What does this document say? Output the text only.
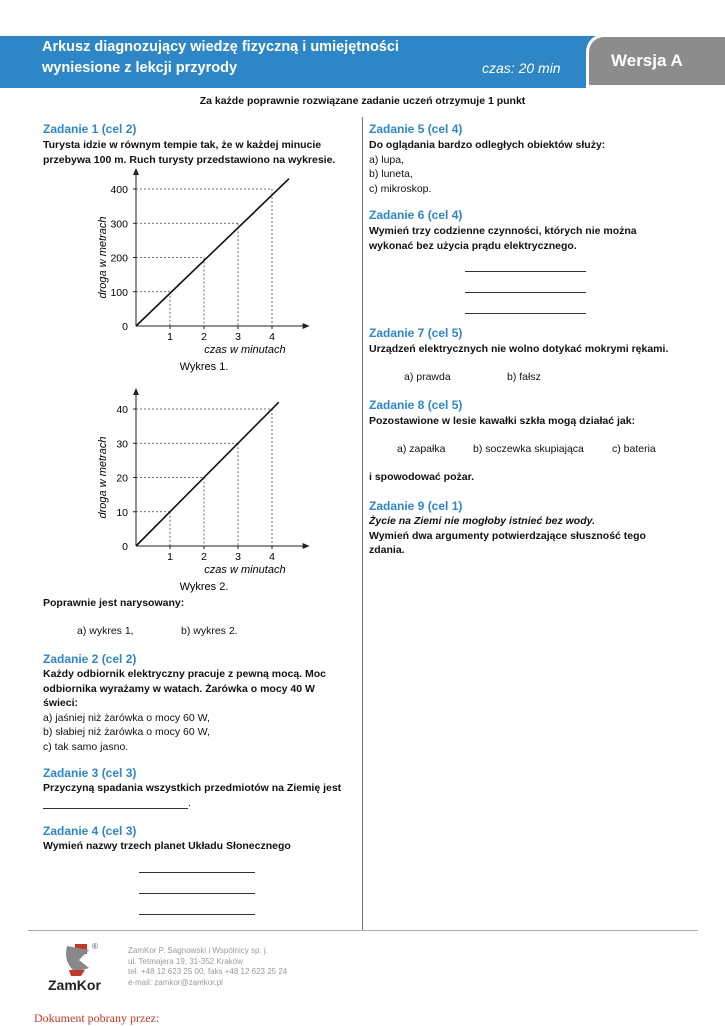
Arkusz diagnozujący wiedzę fizyczną i umiejętności
wyniesione z lekcji przyrody	czas: 20 min	Wersja A
Za każde poprawnie rozwiązane zadanie uczeń otrzymuje 1 punkt
Zadanie 1 (cel 2)
Turysta idzie w równym tempie tak, że w każdej minucie
przebywa 100 m. Ruch turysty przedstawiono na wykresie.
0
100
200
300
400
1	2	3	4
czas w minutach
droga w metrach
Wykres 1.
0
10
20
30
40
1	2	3	4
czas w minutach
droga w metrach
Wykres 2.
Poprawnie jest narysowany:
a) wykres 1,	b) wykres 2.
Zadanie 2 (cel 2)
Każdy odbiornik elektryczny pracuje z pewną mocą. Moc
odbiornika wyrażamy w watach. Żarówka o mocy 40 W
świeci:
a) jaśniej niż żarówka o mocy 60 W,
b) słabiej niż żarówka o mocy 60 W,
c) tak samo jasno.
Zadanie 3 (cel 3)
Przyczyną spadania wszystkich przedmiotów na Ziemię jest
.
Zadanie 4 (cel 3)
Wymień nazwy trzech planet Układu Słonecznego
Zadanie 5 (cel 4)
Do oglądania bardzo odległych obiektów służy:
a) lupa,
b) luneta,
c) mikroskop.
Zadanie 6 (cel 4)
Wymień trzy codzienne czynności, których nie można
wykonać bez użycia prądu elektrycznego.
Zadanie 7 (cel 5)
Urządzeń elektrycznych nie wolno dotykać mokrymi rękami.
a) prawda	b) fałsz
Zadanie 8 (cel 5)
Pozostawione w lesie kawałki szkła mogą działać jak:
a) zapałka	b) soczewka skupiająca	c) bateria
i spowodować pożar.
Zadanie 9 (cel 1)
Życie na Ziemi nie mogłoby istnieć bez wody.
Wymień dwa argumenty potwierdzające słuszność tego
zdania.
ZamKor
®	ZamKor P. Sagnowski i Wspólnicy sp. j.
ul. Tetmajera 19, 31-352 Kraków
tel. +48 12 623 25 00, faks +48 12 623 25 24
e-mail: zamkor@zamkor.pl
Dokument pobrany przez:
